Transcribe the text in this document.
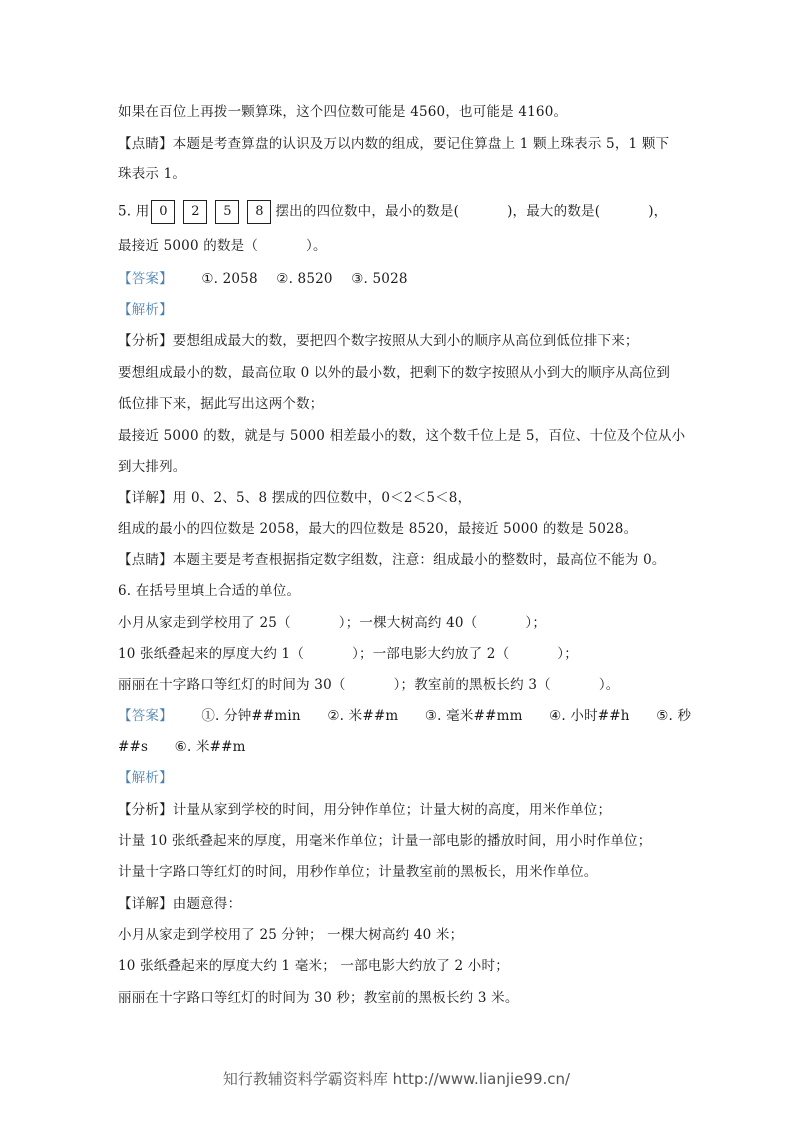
如果在百位上再拨一颗算珠，这个四位数可能是 4560，也可能是 4160。
【点睛】本题是考查算盘的认识及万以内数的组成，要记住算盘上 1 颗上珠表示 5，1 颗下
珠表示 1。
5. 用 0 2 5 8 摆出的四位数中，最小的数是(	)，最大的数是(	)，
最接近 5000 的数是（	）。
【答案】 ①. 2058 ②. 8520 ③. 5028
【解析】
【分析】要想组成最大的数，要把四个数字按照从大到小的顺序从高位到低位排下来；
要想组成最小的数，最高位取 0 以外的最小数，把剩下的数字按照从小到大的顺序从高位到
低位排下来，据此写出这两个数；
最接近 5000 的数，就是与 5000 相差最小的数，这个数千位上是 5，百位、十位及个位从小
到大排列。
【详解】用 0、2、5、8 摆成的四位数中，0＜2＜5＜8，
组成的最小的四位数是 2058，最大的四位数是 8520，最接近 5000 的数是 5028。
【点睛】本题主要是考查根据指定数字组数，注意：组成最小的整数时，最高位不能为 0。
6. 在括号里填上合适的单位。
小月从家走到学校用了 25（	）；一棵大树高约 40（	）；
10 张纸叠起来的厚度大约 1（	）；一部电影大约放了 2（	）；
丽丽在十字路口等红灯的时间为 30（	）；教室前的黑板长约 3（	）。
【答案】 ①. 分钟##min ②. 米##m ③. 毫米##mm ④. 小时##h ⑤. 秒
##s ⑥. 米##m
【解析】
【分析】计量从家到学校的时间，用分钟作单位；计量大树的高度，用米作单位；
计量 10 张纸叠起来的厚度，用毫米作单位；计量一部电影的播放时间，用小时作单位；
计量十字路口等红灯的时间，用秒作单位；计量教室前的黑板长，用米作单位。
【详解】由题意得：
小月从家走到学校用了 25 分钟； 一棵大树高约 40 米；
10 张纸叠起来的厚度大约 1 毫米； 一部电影大约放了 2 小时；
丽丽在十字路口等红灯的时间为 30 秒；教室前的黑板长约 3 米。
知行教辅资料学霸资料库 http://www.lianjie99.cn/
